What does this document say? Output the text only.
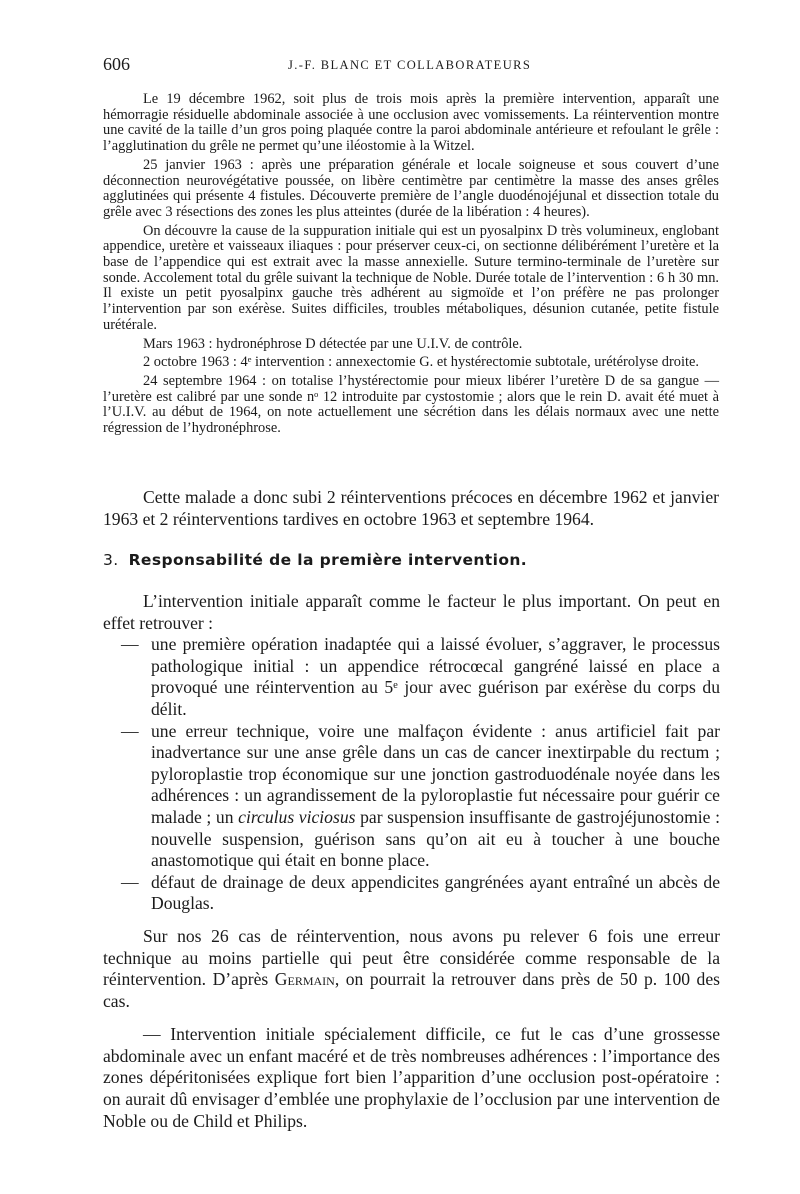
606	J.-F. BLANC ET COLLABORATEURS

Le 19 décembre 1962, soit plus de trois mois après la première intervention, apparaît une hémorragie résiduelle abdominale associée à une occlusion avec vomissements. La réintervention montre une cavité de la taille d’un gros poing plaquée contre la paroi abdominale antérieure et refoulant le grêle : l’agglutination du grêle ne permet qu’une iléostomie à la Witzel.

25 janvier 1963 : après une préparation générale et locale soigneuse et sous couvert d’une déconnection neurovégétative poussée, on libère centimètre par centimètre la masse des anses grêles agglutinées qui présente 4 fistules. Découverte première de l’angle duodénojéjunal et dissection totale du grêle avec 3 résections des zones les plus atteintes (durée de la libération : 4 heures).

On découvre la cause de la suppuration initiale qui est un pyosalpinx D très volumineux, englobant appendice, uretère et vaisseaux iliaques : pour préserver ceux-ci, on sectionne délibérément l’uretère et la base de l’appendice qui est extrait avec la masse annexielle. Suture termino-terminale de l’uretère sur sonde. Accolement total du grêle suivant la technique de Noble. Durée totale de l’intervention : 6 h 30 mn. Il existe un petit pyosalpinx gauche très adhérent au sigmoïde et l’on préfère ne pas prolonger l’intervention par son exérèse. Suites difficiles, troubles métaboliques, désunion cutanée, petite fistule urétérale.

Mars 1963 : hydronéphrose D détectée par une U.I.V. de contrôle.

2 octobre 1963 : 4ᵉ intervention : annexectomie G. et hystérectomie subtotale, urétérolyse droite.

24 septembre 1964 : on totalise l’hystérectomie pour mieux libérer l’uretère D de sa gangue — l’uretère est calibré par une sonde nᵒ 12 introduite par cystostomie ; alors que le rein D. avait été muet à l’U.I.V. au début de 1964, on note actuellement une sécrétion dans les délais normaux avec une nette régression de l’hydronéphrose.

Cette malade a donc subi 2 réinterventions précoces en décembre 1962 et janvier 1963 et 2 réinterventions tardives en octobre 1963 et septembre 1964.

3. Responsabilité de la première intervention.

L’intervention initiale apparaît comme le facteur le plus important. On peut en effet retrouver :

— une première opération inadaptée qui a laissé évoluer, s’aggraver, le processus pathologique initial : un appendice rétrocœcal gangréné laissé en place a provoqué une réintervention au 5ᵉ jour avec guérison par exérèse du corps du délit.
— une erreur technique, voire une malfaçon évidente : anus artificiel fait par inadvertance sur une anse grêle dans un cas de cancer inextirpable du rectum ; pyloroplastie trop économique sur une jonction gastroduodénale noyée dans les adhérences : un agrandissement de la pyloroplastie fut nécessaire pour guérir ce malade ; un circulus viciosus par suspension insuffisante de gastrojéjunostomie : nouvelle suspension, guérison sans qu’on ait eu à toucher à une bouche anastomotique qui était en bonne place.
— défaut de drainage de deux appendicites gangrénées ayant entraîné un abcès de Douglas.

Sur nos 26 cas de réintervention, nous avons pu relever 6 fois une erreur technique au moins partielle qui peut être considérée comme responsable de la réintervention. D’après Germain, on pourrait la retrouver dans près de 50 p. 100 des cas.

— Intervention initiale spécialement difficile, ce fut le cas d’une grossesse abdominale avec un enfant macéré et de très nombreuses adhérences : l’importance des zones dépéritonisées explique fort bien l’apparition d’une occlusion post-opératoire : on aurait dû envisager d’emblée une prophylaxie de l’occlusion par une intervention de Noble ou de Child et Philips.
